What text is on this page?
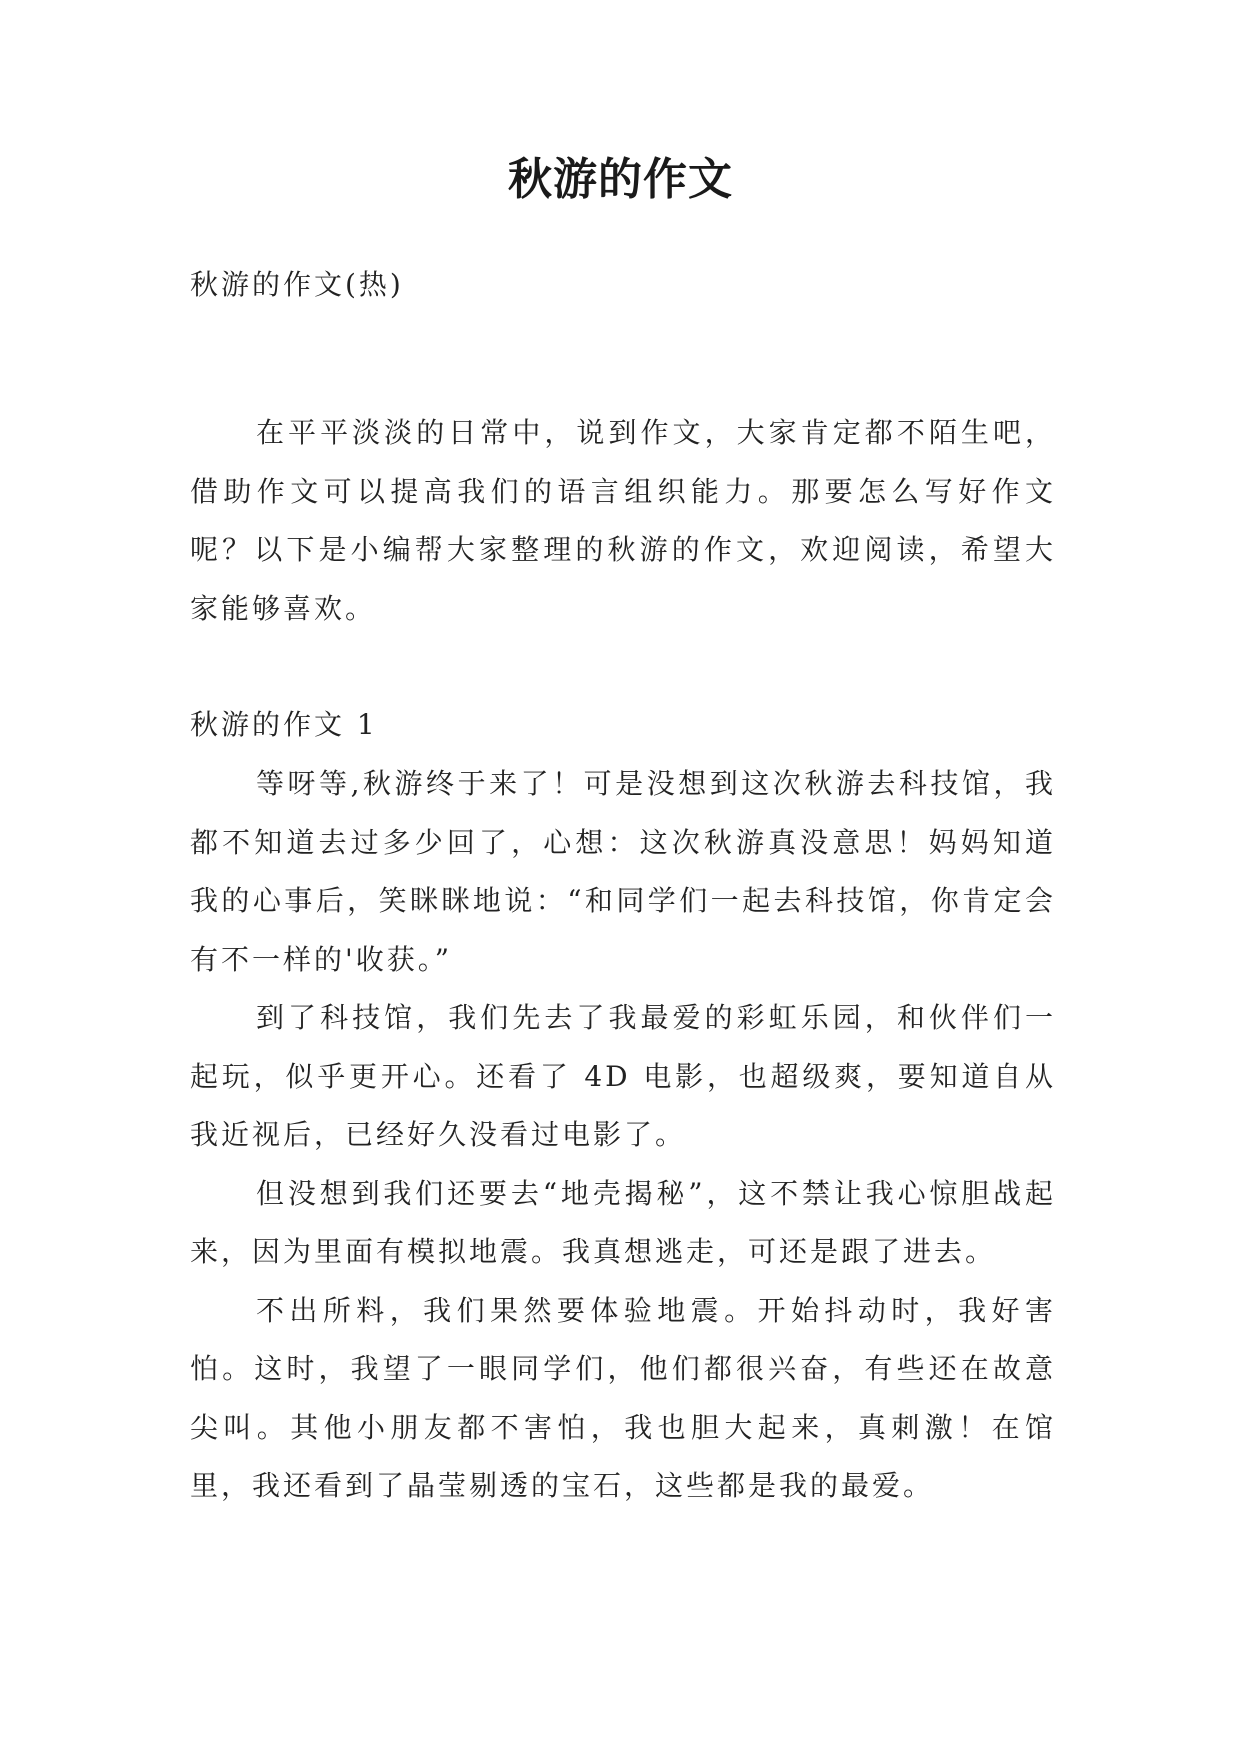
秋游的作文

秋游的作文(热)

在平平淡淡的日常中，说到作文，大家肯定都不陌生吧，借助作文可以提高我们的语言组织能力。那要怎么写好作文呢？以下是小编帮大家整理的秋游的作文，欢迎阅读，希望大家能够喜欢。

秋游的作文 1

等呀等,秋游终于来了！可是没想到这次秋游去科技馆，我都不知道去过多少回了，心想：这次秋游真没意思！妈妈知道我的心事后，笑眯眯地说：“和同学们一起去科技馆，你肯定会有不一样的'收获。”

到了科技馆，我们先去了我最爱的彩虹乐园，和伙伴们一起玩，似乎更开心。还看了 4D 电影，也超级爽，要知道自从我近视后，已经好久没看过电影了。

但没想到我们还要去“地壳揭秘”，这不禁让我心惊胆战起来，因为里面有模拟地震。我真想逃走，可还是跟了进去。

不出所料，我们果然要体验地震。开始抖动时，我好害怕。这时，我望了一眼同学们，他们都很兴奋，有些还在故意尖叫。其他小朋友都不害怕，我也胆大起来，真刺激！在馆里，我还看到了晶莹剔透的宝石，这些都是我的最爱。
